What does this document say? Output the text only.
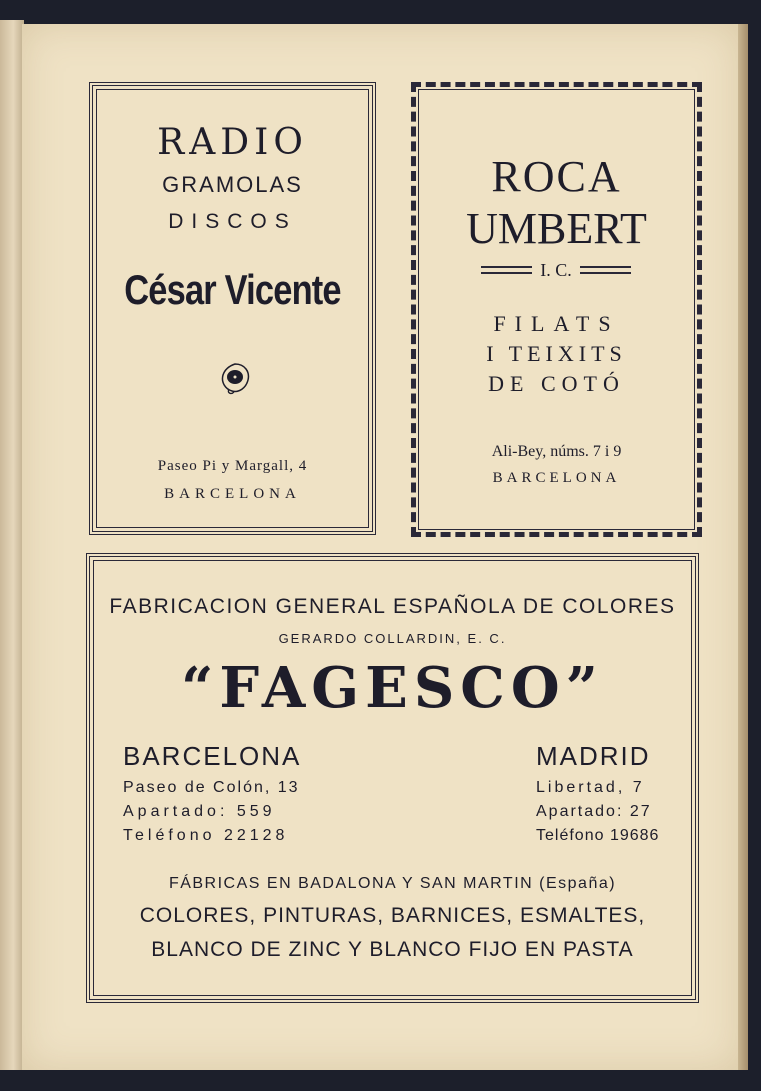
RADIO
GRAMOLAS
DISCOS
César Vicente
Paseo Pi y Margall, 4
BARCELONA
ROCA
UMBERT
I. C.
FILATS
I TEIXITS
DE COTÓ
Ali-Bey, núms. 7 i 9
BARCELONA
FABRICACION GENERAL ESPAÑOLA DE COLORES
GERARDO COLLARDIN, E. C.
“FAGESCO”
BARCELONA
Paseo de Colón, 13
Apartado: 559
Teléfono 22128
MADRID
Libertad, 7
Apartado: 27
Teléfono 19686
FÁBRICAS EN BADALONA Y SAN MARTIN (España)
COLORES, PINTURAS, BARNICES, ESMALTES,
BLANCO DE ZINC Y BLANCO FIJO EN PASTA
